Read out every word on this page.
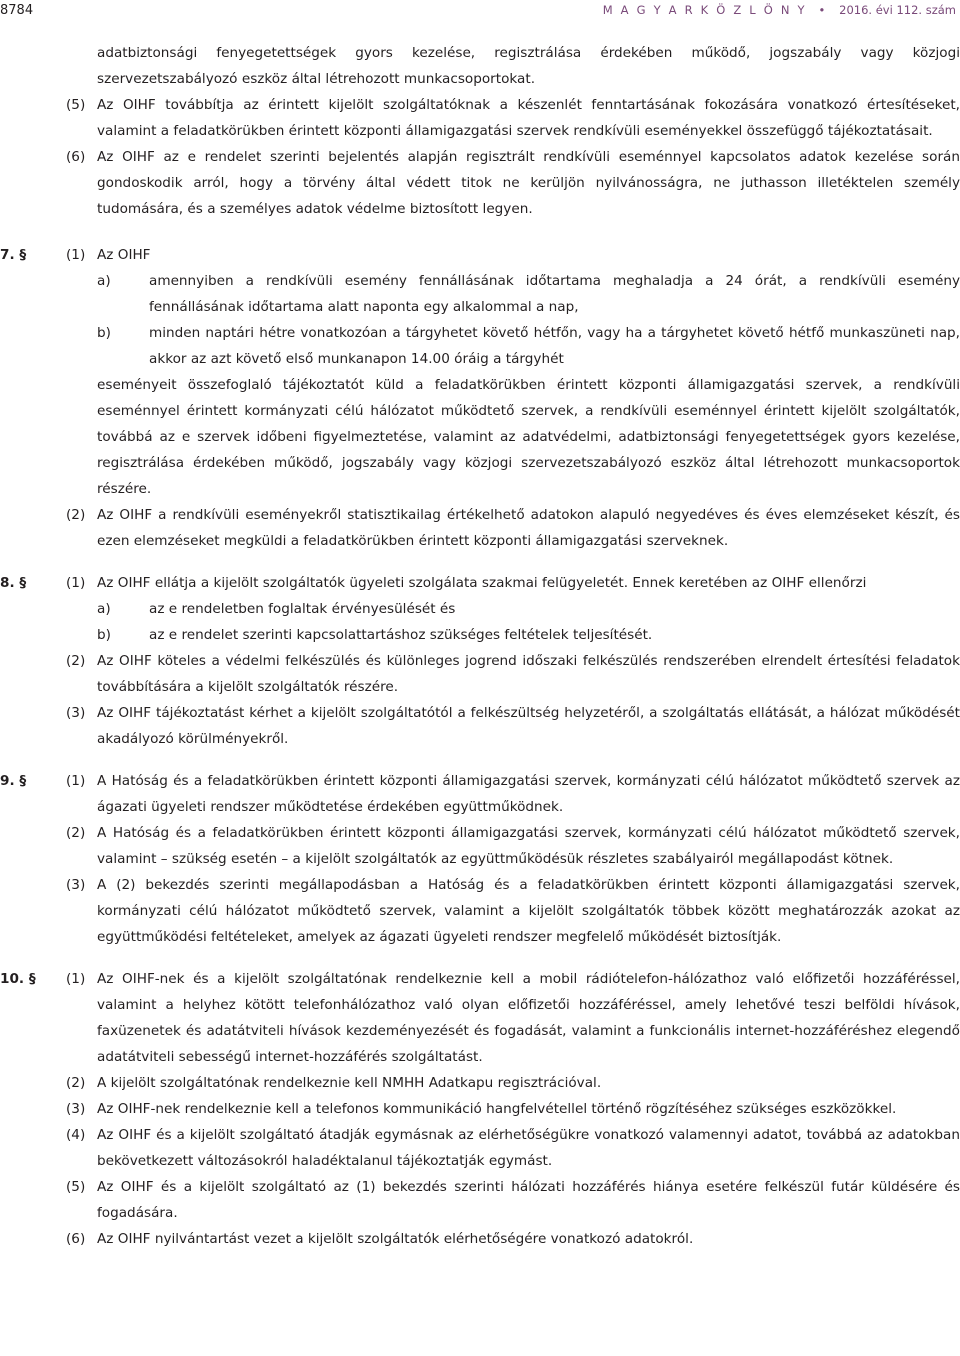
8784	M A G Y A R K Ö Z L Ö N Y • 2016. évi 112. szám
adatbiztonsági fenyegetettségek gyors kezelése, regisztrálása érdekében működő, jogszabály vagy közjogi szervezetszabályozó eszköz által létrehozott munkacsoportokat.
(5) Az OIHF továbbítja az érintett kijelölt szolgáltatóknak a készenlét fenntartásának fokozására vonatkozó értesítéseket, valamint a feladatkörükben érintett központi államigazgatási szervek rendkívüli eseményekkel összefüggő tájékoztatásait.
(6) Az OIHF az e rendelet szerinti bejelentés alapján regisztrált rendkívüli eseménnyel kapcsolatos adatok kezelése során gondoskodik arról, hogy a törvény által védett titok ne kerüljön nyilvánosságra, ne juthasson illetéktelen személy tudomására, és a személyes adatok védelme biztosított legyen.
7. §	(1) Az OIHF
a)	amennyiben a rendkívüli esemény fennállásának időtartama meghaladja a 24 órát, a rendkívüli esemény fennállásának időtartama alatt naponta egy alkalommal a nap,
b)	minden naptári hétre vonatkozóan a tárgyhetet követő hétfőn, vagy ha a tárgyhetet követő hétfő munkaszüneti nap, akkor az azt követő első munkanapon 14.00 óráig a tárgyhét
eseményeit összefoglaló tájékoztatót küld a feladatkörükben érintett központi államigazgatási szervek, a rendkívüli eseménnyel érintett kormányzati célú hálózatot működtető szervek, a rendkívüli eseménnyel érintett kijelölt szolgáltatók, továbbá az e szervek időbeni figyelmeztetése, valamint az adatvédelmi, adatbiztonsági fenyegetettségek gyors kezelése, regisztrálása érdekében működő, jogszabály vagy közjogi szervezetszabályozó eszköz által létrehozott munkacsoportok részére.
(2) Az OIHF a rendkívüli eseményekről statisztikailag értékelhető adatokon alapuló negyedéves és éves elemzéseket készít, és ezen elemzéseket megküldi a feladatkörükben érintett központi államigazgatási szerveknek.
8. §	(1) Az OIHF ellátja a kijelölt szolgáltatók ügyeleti szolgálata szakmai felügyeletét. Ennek keretében az OIHF ellenőrzi
a)	az e rendeletben foglaltak érvényesülését és
b)	az e rendelet szerinti kapcsolattartáshoz szükséges feltételek teljesítését.
(2) Az OIHF köteles a védelmi felkészülés és különleges jogrend időszaki felkészülés rendszerében elrendelt értesítési feladatok továbbítására a kijelölt szolgáltatók részére.
(3) Az OIHF tájékoztatást kérhet a kijelölt szolgáltatótól a felkészültség helyzetéről, a szolgáltatás ellátását, a hálózat működését akadályozó körülményekről.
9. §	(1) A Hatóság és a feladatkörükben érintett központi államigazgatási szervek, kormányzati célú hálózatot működtető szervek az ágazati ügyeleti rendszer működtetése érdekében együttműködnek.
(2) A Hatóság és a feladatkörükben érintett központi államigazgatási szervek, kormányzati célú hálózatot működtető szervek, valamint – szükség esetén – a kijelölt szolgáltatók az együttműködésük részletes szabályairól megállapodást kötnek.
(3) A (2) bekezdés szerinti megállapodásban a Hatóság és a feladatkörükben érintett központi államigazgatási szervek, kormányzati célú hálózatot működtető szervek, valamint a kijelölt szolgáltatók többek között meghatározzák azokat az együttműködési feltételeket, amelyek az ágazati ügyeleti rendszer megfelelő működését biztosítják.
10. §	(1) Az OIHF-nek és a kijelölt szolgáltatónak rendelkeznie kell a mobil rádiótelefon-hálózathoz való előfizetői hozzáféréssel, valamint a helyhez kötött telefonhálózathoz való olyan előfizetői hozzáféréssel, amely lehetővé teszi belföldi hívások, faxüzenetek és adatátviteli hívások kezdeményezését és fogadását, valamint a funkcionális internet-hozzáféréshez elegendő adatátviteli sebességű internet-hozzáférés szolgáltatást.
(2) A kijelölt szolgáltatónak rendelkeznie kell NMHH Adatkapu regisztrációval.
(3) Az OIHF-nek rendelkeznie kell a telefonos kommunikáció hangfelvétellel történő rögzítéséhez szükséges eszközökkel.
(4) Az OIHF és a kijelölt szolgáltató átadják egymásnak az elérhetőségükre vonatkozó valamennyi adatot, továbbá az adatokban bekövetkezett változásokról haladéktalanul tájékoztatják egymást.
(5) Az OIHF és a kijelölt szolgáltató az (1) bekezdés szerinti hálózati hozzáférés hiánya esetére felkészül futár küldésére és fogadására.
(6) Az OIHF nyilvántartást vezet a kijelölt szolgáltatók elérhetőségére vonatkozó adatokról.
